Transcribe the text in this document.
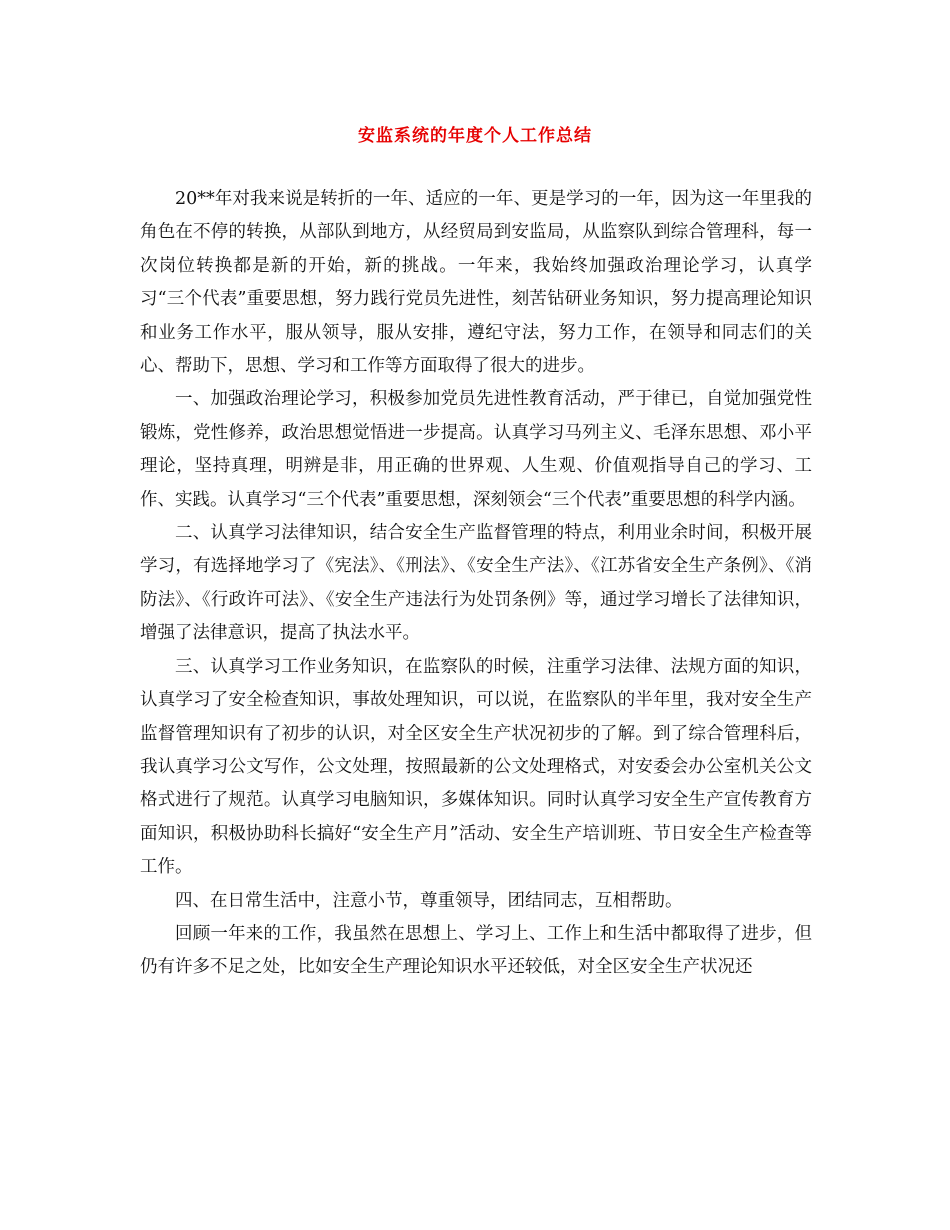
安监系统的年度个人工作总结

20**年对我来说是转折的一年、适应的一年、更是学习的一年，因为这一年里我的角色在不停的转换，从部队到地方，从经贸局到安监局，从监察队到综合管理科，每一次岗位转换都是新的开始，新的挑战。一年来，我始终加强政治理论学习，认真学习“三个代表”重要思想，努力践行党员先进性，刻苦钻研业务知识，努力提高理论知识和业务工作水平，服从领导，服从安排，遵纪守法，努力工作，在领导和同志们的关心、帮助下，思想、学习和工作等方面取得了很大的进步。

一、加强政治理论学习，积极参加党员先进性教育活动，严于律已，自觉加强党性锻炼，党性修养，政治思想觉悟进一步提高。认真学习马列主义、毛泽东思想、邓小平理论，坚持真理，明辨是非，用正确的世界观、人生观、价值观指导自己的学习、工作、实践。认真学习“三个代表”重要思想，深刻领会“三个代表”重要思想的科学内涵。

二、认真学习法律知识，结合安全生产监督管理的特点，利用业余时间，积极开展学习，有选择地学习了《宪法》、《刑法》、《安全生产法》、《江苏省安全生产条例》、《消防法》、《行政许可法》、《安全生产违法行为处罚条例》等，通过学习增长了法律知识，增强了法律意识，提高了执法水平。

三、认真学习工作业务知识，在监察队的时候，注重学习法律、法规方面的知识，认真学习了安全检查知识，事故处理知识，可以说，在监察队的半年里，我对安全生产监督管理知识有了初步的认识，对全区安全生产状况初步的了解。到了综合管理科后，我认真学习公文写作，公文处理，按照最新的公文处理格式，对安委会办公室机关公文格式进行了规范。认真学习电脑知识，多媒体知识。同时认真学习安全生产宣传教育方面知识，积极协助科长搞好“安全生产月”活动、安全生产培训班、节日安全生产检查等工作。

四、在日常生活中，注意小节，尊重领导，团结同志，互相帮助。

回顾一年来的工作，我虽然在思想上、学习上、工作上和生活中都取得了进步，但仍有许多不足之处，比如安全生产理论知识水平还较低，对全区安全生产状况还
